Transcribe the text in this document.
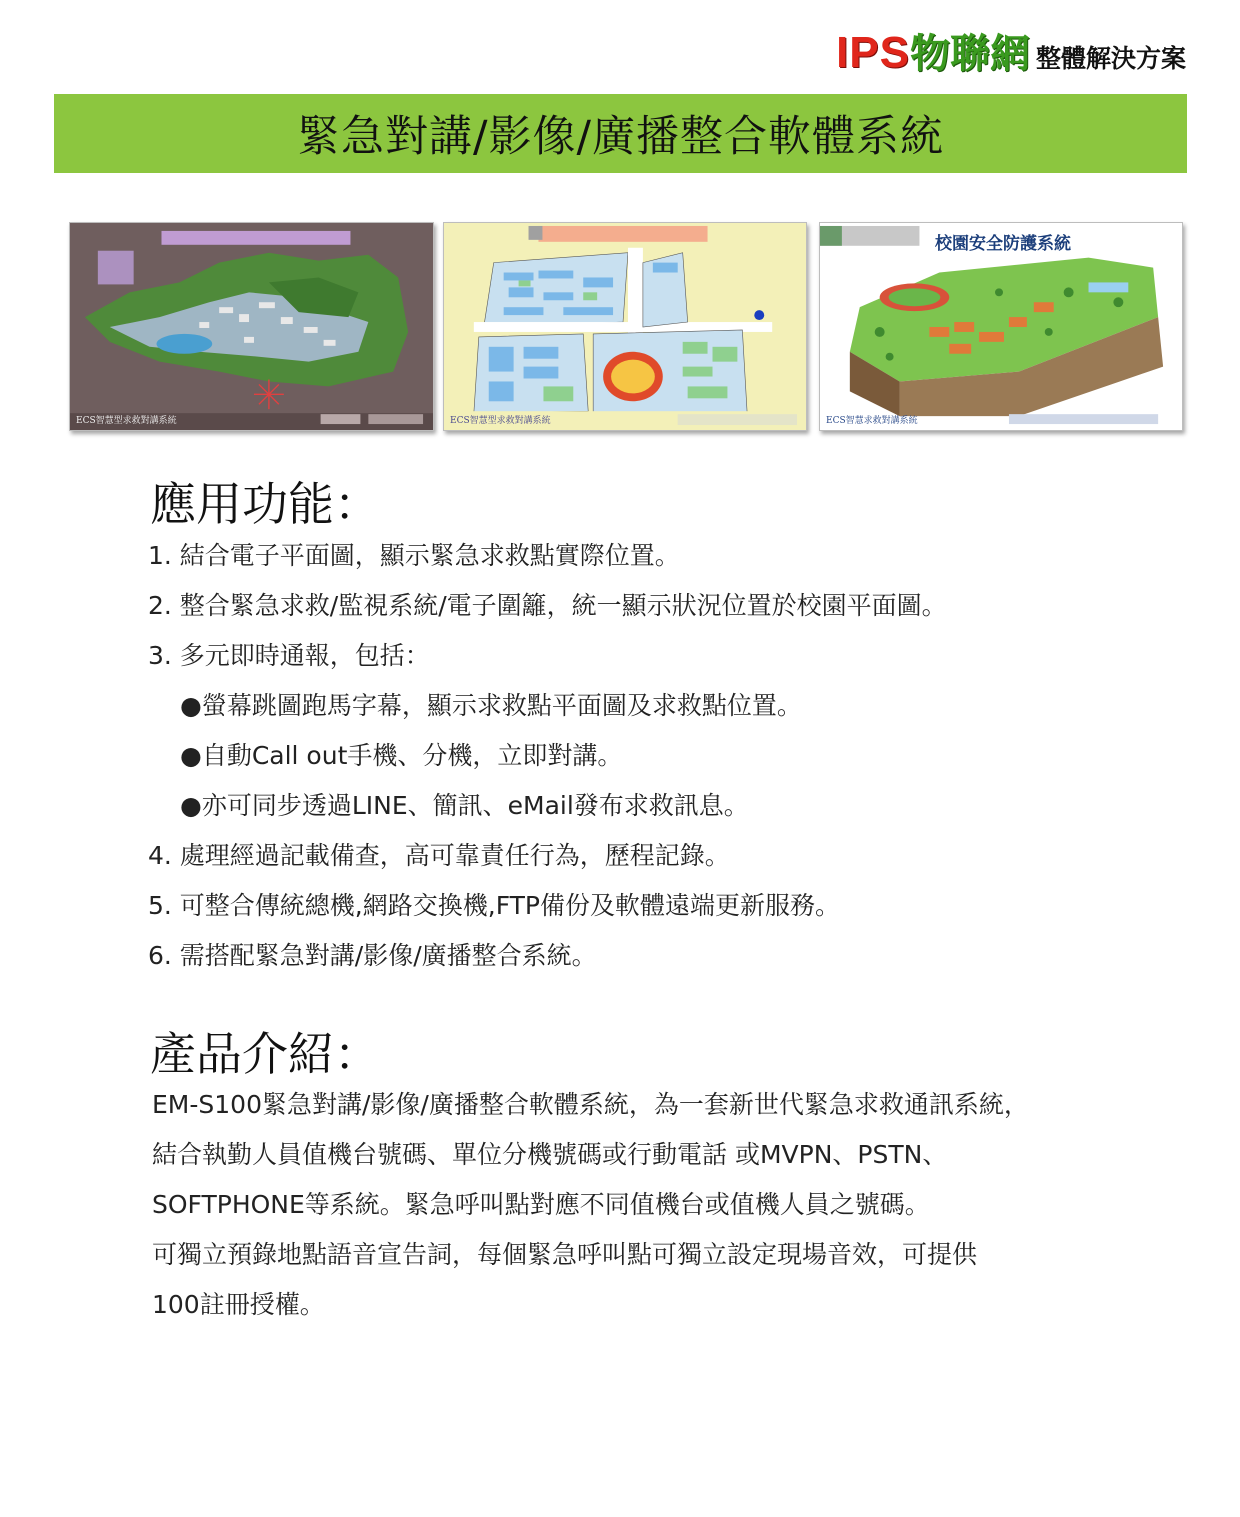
IPS 物聯網 整體解決方案
緊急對講/影像/廣播整合軟體系統
ECS智慧型求救對講系統	ECS智慧型求救對講系統
校園安全防護系統
ECS智慧求救對講系統
應用功能：
1. 結合電子平面圖，顯示緊急求救點實際位置。
2. 整合緊急求救/監視系統/電子圍籬，統一顯示狀況位置於校園平面圖。
3. 多元即時通報，包括：
●螢幕跳圖跑馬字幕，顯示求救點平面圖及求救點位置。
●自動Call out手機、分機，立即對講。
●亦可同步透過LINE、簡訊、eMail發布求救訊息。
4. 處理經過記載備查，高可靠責任行為，歷程記錄。
5. 可整合傳統總機,網路交換機,FTP備份及軟體遠端更新服務。
6. 需搭配緊急對講/影像/廣播整合系統。
產品介紹：
EM-S100緊急對講/影像/廣播整合軟體系統，為一套新世代緊急求救通訊系統，
結合執勤人員值機台號碼、單位分機號碼或行動電話 或MVPN、PSTN、
SOFTPHONE等系統。緊急呼叫點對應不同值機台或值機人員之號碼。
可獨立預錄地點語音宣告詞，每個緊急呼叫點可獨立設定現場音效，可提供
100註冊授權。
